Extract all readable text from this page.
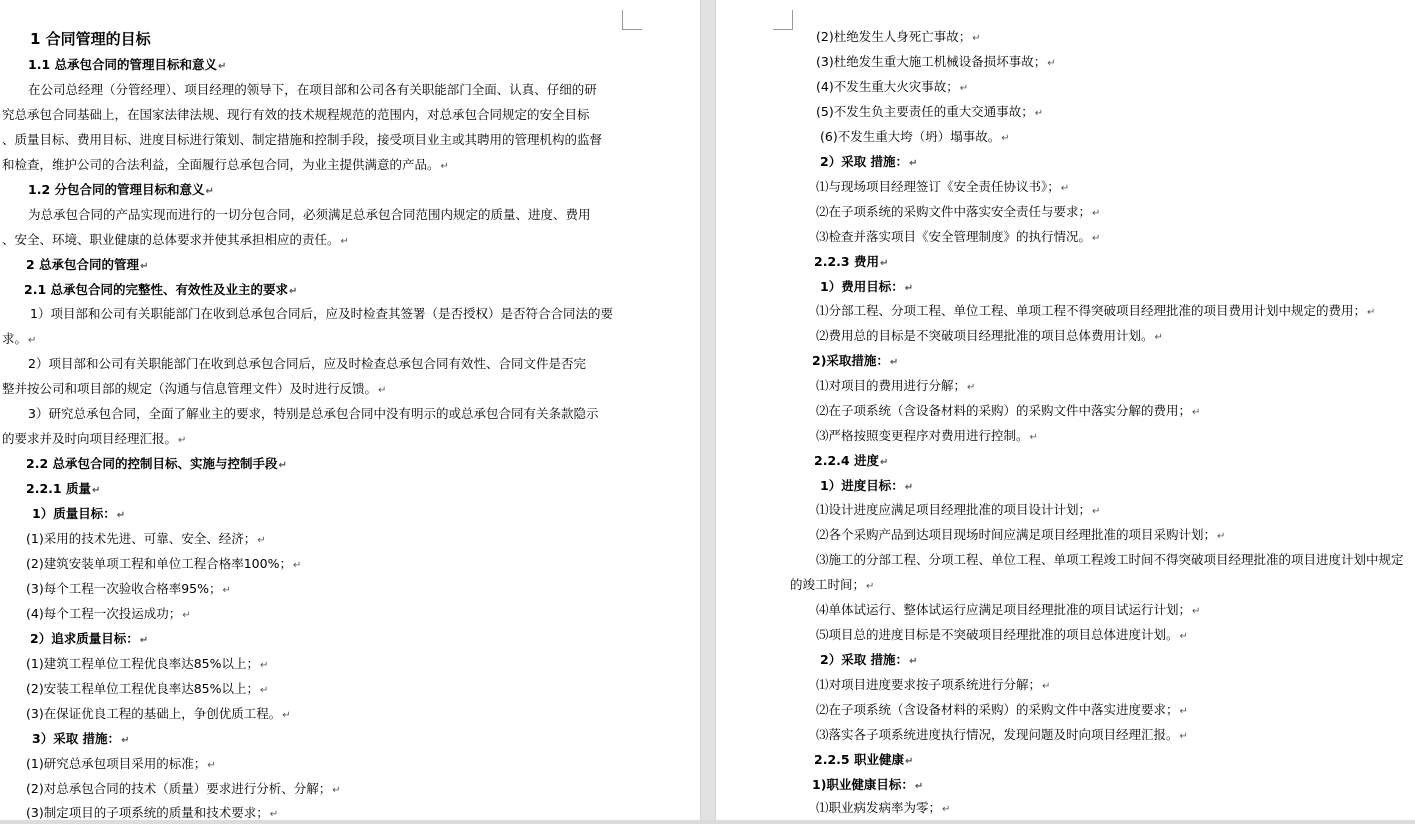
1 合同管理的目标
1.1 总承包合同的管理目标和意义↵
在公司总经理（分管经理）、项目经理的领导下，在项目部和公司各有关职能部门全面、认真、仔细的研
究总承包合同基础上，在国家法律法规、现行有效的技术规程规范的范围内，对总承包合同规定的安全目标
、质量目标、费用目标、进度目标进行策划、制定措施和控制手段，接受项目业主或其聘用的管理机构的监督
和检查，维护公司的合法利益，全面履行总承包合同，为业主提供满意的产品。↵
1.2 分包合同的管理目标和意义↵
为总承包合同的产品实现而进行的一切分包合同，必须满足总承包合同范围内规定的质量、进度、费用
、安全、环境、职业健康的总体要求并使其承担相应的责任。↵
2 总承包合同的管理↵
2.1 总承包合同的完整性、有效性及业主的要求↵
1）项目部和公司有关职能部门在收到总承包合同后，应及时检查其签署（是否授权）是否符合合同法的要
求。↵
2）项目部和公司有关职能部门在收到总承包合同后，应及时检查总承包合同有效性、合同文件是否完
整并按公司和项目部的规定（沟通与信息管理文件）及时进行反馈。↵
3）研究总承包合同，全面了解业主的要求，特别是总承包合同中没有明示的或总承包合同有关条款隐示
的要求并及时向项目经理汇报。↵
2.2 总承包合同的控制目标、实施与控制手段↵
2.2.1 质量↵
1）质量目标：↵
(1)采用的技术先进、可靠、安全、经济；↵
(2)建筑安装单项工程和单位工程合格率100%；↵
(3)每个工程一次验收合格率95%；↵
(4)每个工程一次投运成功；↵
2）追求质量目标：↵
(1)建筑工程单位工程优良率达85%以上；↵
(2)安装工程单位工程优良率达85%以上；↵
(3)在保证优良工程的基础上，争创优质工程。↵
3）采取 措施：↵
(1)研究总承包项目采用的标准；↵
(2)对总承包合同的技术（质量）要求进行分析、分解；↵
(3)制定项目的子项系统的质量和技术要求；↵
(2)杜绝发生人身死亡事故；↵
(3)杜绝发生重大施工机械设备损坏事故；↵
(4)不发生重大火灾事故；↵
(5)不发生负主要责任的重大交通事故；↵
(6)不发生重大垮（坍）塌事故。↵
2）采取 措施：↵
⑴与现场项目经理签订《安全责任协议书》；↵
⑵在子项系统的采购文件中落实安全责任与要求；↵
⑶检查并落实项目《安全管理制度》的执行情况。↵
2.2.3 费用↵
1）费用目标：↵
⑴分部工程、分项工程、单位工程、单项工程不得突破项目经理批准的项目费用计划中规定的费用；↵
⑵费用总的目标是不突破项目经理批准的项目总体费用计划。↵
2)采取措施：↵
⑴对项目的费用进行分解；↵
⑵在子项系统（含设备材料的采购）的采购文件中落实分解的费用；↵
⑶严格按照变更程序对费用进行控制。↵
2.2.4 进度↵
1）进度目标：↵
⑴设计进度应满足项目经理批准的项目设计计划；↵
⑵各个采购产品到达项目现场时间应满足项目经理批准的项目采购计划；↵
⑶施工的分部工程、分项工程、单位工程、单项工程竣工时间不得突破项目经理批准的项目进度计划中规定
的竣工时间；↵
⑷单体试运行、整体试运行应满足项目经理批准的项目试运行计划；↵
⑸项目总的进度目标是不突破项目经理批准的项目总体进度计划。↵
2）采取 措施：↵
⑴对项目进度要求按子项系统进行分解；↵
⑵在子项系统（含设备材料的采购）的采购文件中落实进度要求；↵
⑶落实各子项系统进度执行情况，发现问题及时向项目经理汇报。↵
2.2.5 职业健康↵
1)职业健康目标：↵
⑴职业病发病率为零；↵
